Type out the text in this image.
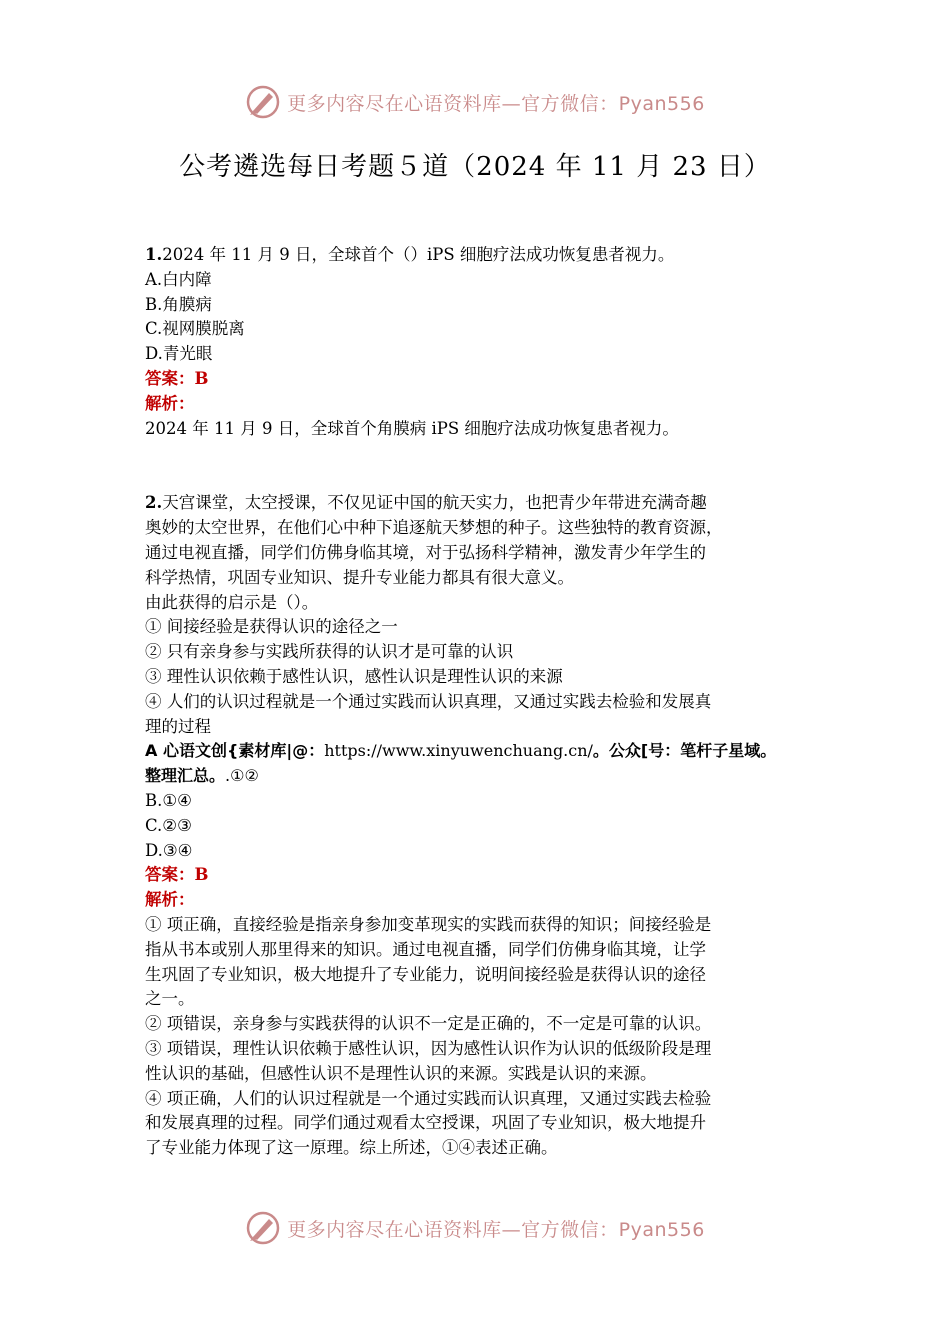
更多内容尽在心语资料库—官方微信：Pyan556
公考遴选每日考题５道（2024 年 11 月 23 日）

1.2024 年 11 月 9 日，全球首个（）iPS 细胞疗法成功恢复患者视力。

A.白内障

B.角膜病

C.视网膜脱离

D.青光眼

答案：B

解析：

2024 年 11 月 9 日，全球首个角膜病 iPS 细胞疗法成功恢复患者视力。

2.天宫课堂，太空授课，不仅见证中国的航天实力，也把青少年带进充满奇趣

奥妙的太空世界，在他们心中种下追逐航天梦想的种子。这些独特的教育资源，

通过电视直播，同学们仿佛身临其境，对于弘扬科学精神，激发青少年学生的

科学热情，巩固专业知识、提升专业能力都具有很大意义。

由此获得的启示是（）。

① 间接经验是获得认识的途径之一

② 只有亲身参与实践所获得的认识才是可靠的认识

③ 理性认识依赖于感性认识，感性认识是理性认识的来源

④ 人们的认识过程就是一个通过实践而认识真理，又通过实践去检验和发展真

理的过程

A 心语文创{素材库|@：https://www.xinyuwenchuang.cn/。公众[号：笔杆子星域。

整理汇总。.①②

B.①④

C.②③

D.③④

答案：B

解析：

① 项正确，直接经验是指亲身参加变革现实的实践而获得的知识；间接经验是

指从书本或别人那里得来的知识。通过电视直播，同学们仿佛身临其境，让学

生巩固了专业知识，极大地提升了专业能力，说明间接经验是获得认识的途径

之一。

② 项错误，亲身参与实践获得的认识不一定是正确的，不一定是可靠的认识。

③ 项错误，理性认识依赖于感性认识，因为感性认识作为认识的低级阶段是理

性认识的基础，但感性认识不是理性认识的来源。实践是认识的来源。

④ 项正确，人们的认识过程就是一个通过实践而认识真理，又通过实践去检验

和发展真理的过程。同学们通过观看太空授课，巩固了专业知识，极大地提升

了专业能力体现了这一原理。综上所述，①④表述正确。

更多内容尽在心语资料库—官方微信：Pyan556
